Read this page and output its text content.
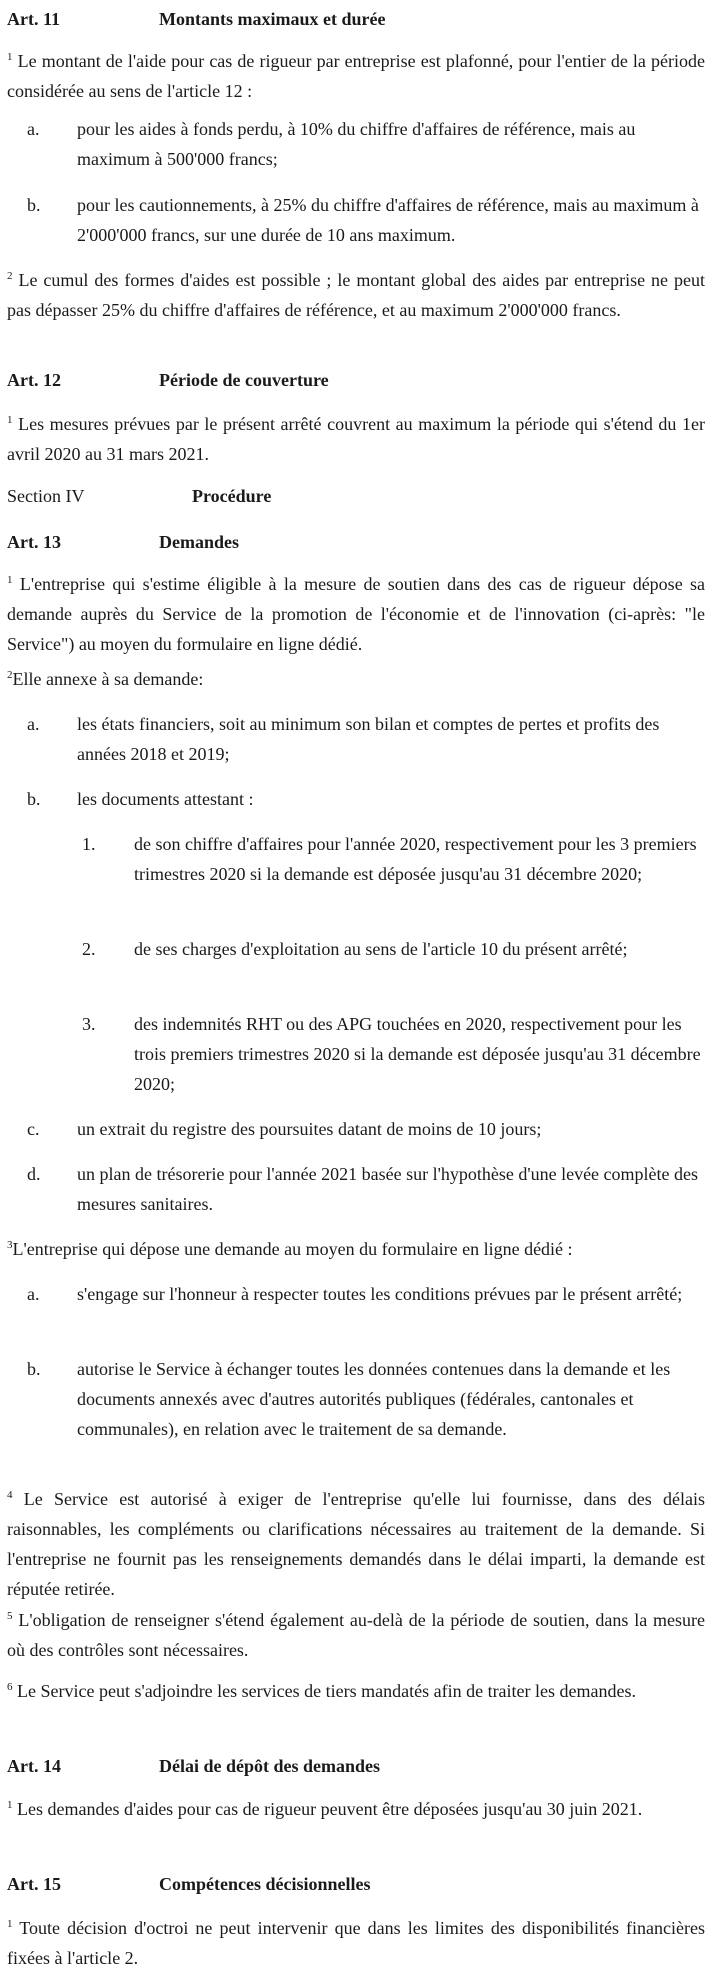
Art. 11	Montants maximaux et durée
$^1$ Le montant de l'aide pour cas de rigueur par entreprise est plafonné, pour l'entier de la période considérée au sens de l'article 12 :
a. pour les aides à fonds perdu, à 10% du chiffre d'affaires de référence, mais au maximum à 500'000 francs;
b. pour les cautionnements, à 25% du chiffre d'affaires de référence, mais au maximum à 2'000'000 francs, sur une durée de 10 ans maximum.
$^2$ Le cumul des formes d'aides est possible ; le montant global des aides par entreprise ne peut pas dépasser 25% du chiffre d'affaires de référence, et au maximum 2'000'000 francs.
Art. 12	Période de couverture
$^1$ Les mesures prévues par le présent arrêté couvrent au maximum la période qui s'étend du 1er avril 2020 au 31 mars 2021.
Section IV	Procédure
Art. 13	Demandes
$^1$ L'entreprise qui s'estime éligible à la mesure de soutien dans des cas de rigueur dépose sa demande auprès du Service de la promotion de l'économie et de l'innovation (ci-après: "le Service") au moyen du formulaire en ligne dédié.
$^2$Elle annexe à sa demande:
a. les états financiers, soit au minimum son bilan et comptes de pertes et profits des années 2018 et 2019;
b. les documents attestant :
1. de son chiffre d'affaires pour l'année 2020, respectivement pour les 3 premiers trimestres 2020 si la demande est déposée jusqu'au 31 décembre 2020;
2. de ses charges d'exploitation au sens de l'article 10 du présent arrêté;
3. des indemnités RHT ou des APG touchées en 2020, respectivement pour les trois premiers trimestres 2020 si la demande est déposée jusqu'au 31 décembre 2020;
c. un extrait du registre des poursuites datant de moins de 10 jours;
d. un plan de trésorerie pour l'année 2021 basée sur l'hypothèse d'une levée complète des mesures sanitaires.
$^3$L'entreprise qui dépose une demande au moyen du formulaire en ligne dédié :
a. s'engage sur l'honneur à respecter toutes les conditions prévues par le présent arrêté;
b. autorise le Service à échanger toutes les données contenues dans la demande et les documents annexés avec d'autres autorités publiques (fédérales, cantonales et communales), en relation avec le traitement de sa demande.
$^4$ Le Service est autorisé à exiger de l'entreprise qu'elle lui fournisse, dans des délais raisonnables, les compléments ou clarifications nécessaires au traitement de la demande. Si l'entreprise ne fournit pas les renseignements demandés dans le délai imparti, la demande est réputée retirée.
$^5$ L'obligation de renseigner s'étend également au-delà de la période de soutien, dans la mesure où des contrôles sont nécessaires.
$^6$ Le Service peut s'adjoindre les services de tiers mandatés afin de traiter les demandes.
Art. 14	Délai de dépôt des demandes
$^1$ Les demandes d'aides pour cas de rigueur peuvent être déposées jusqu'au 30 juin 2021.
Art. 15	Compétences décisionnelles
$^1$ Toute décision d'octroi ne peut intervenir que dans les limites des disponibilités financières fixées à l'article 2.
